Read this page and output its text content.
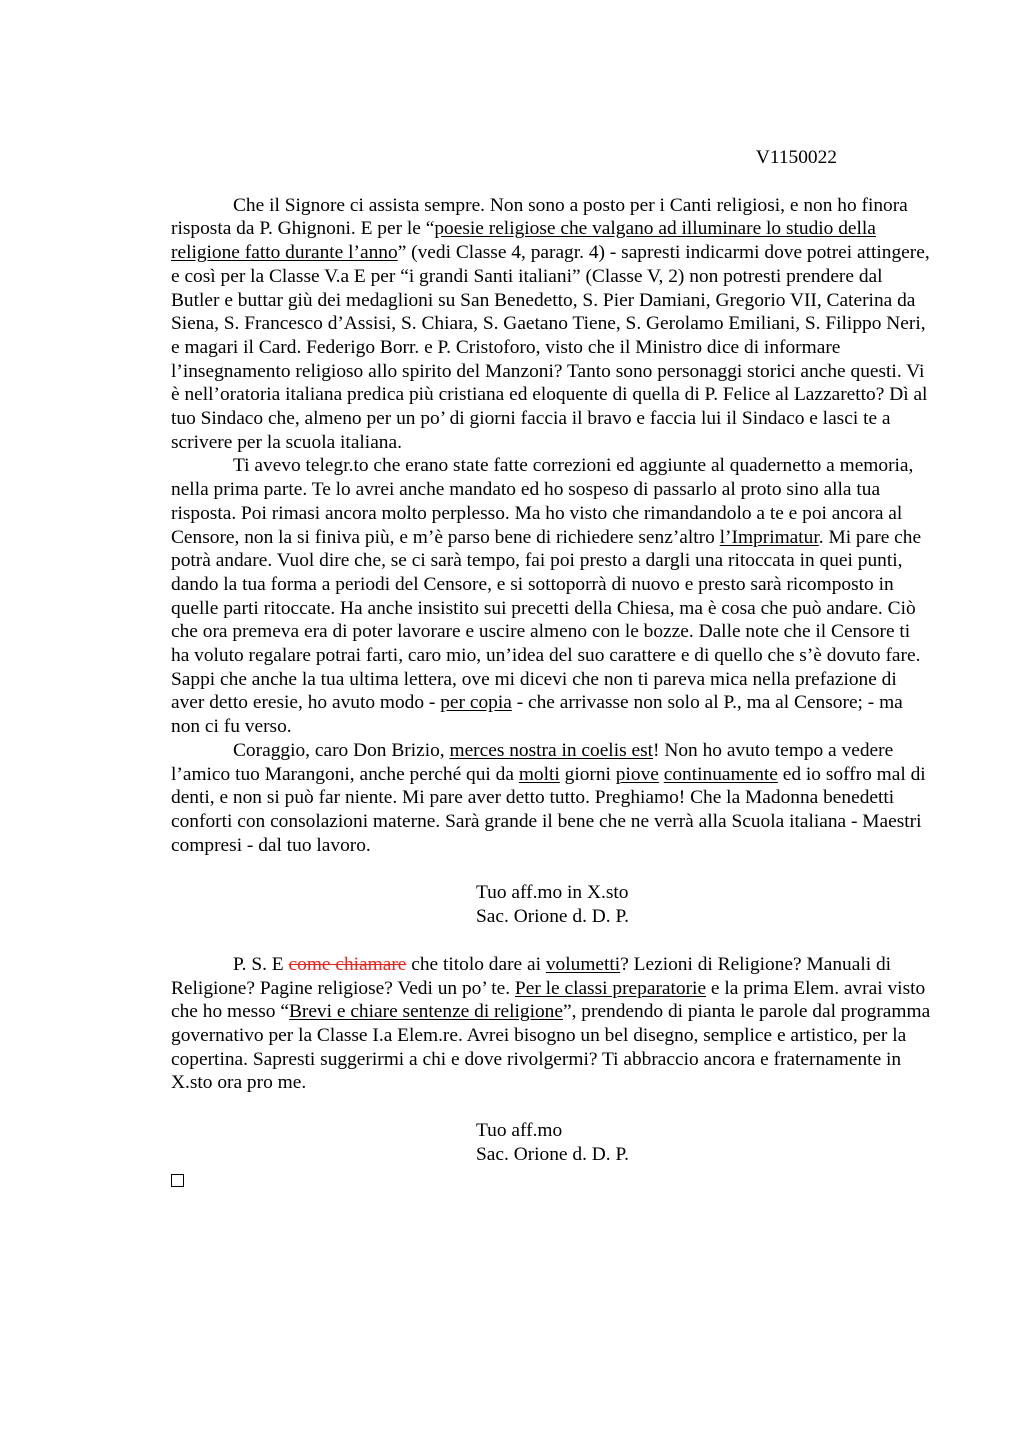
V1150022

Che il Signore ci assista sempre. Non sono a posto per i Canti religiosi, e non ho finora risposta da P. Ghignoni. E per le “poesie religiose che valgano ad illuminare lo studio della religione fatto durante l’anno” (vedi Classe 4, paragr. 4) - sapresti indicarmi dove potrei attingere, e così per la Classe V.a E per “i grandi Santi italiani” (Classe V, 2) non potresti prendere dal Butler e buttar giù dei medaglioni su San Benedetto, S. Pier Damiani, Gregorio VII, Caterina da Siena, S. Francesco d’Assisi, S. Chiara, S. Gaetano Tiene, S. Gerolamo Emiliani, S. Filippo Neri, e magari il Card. Federigo Borr. e P. Cristoforo, visto che il Ministro dice di informare l’insegnamento religioso allo spirito del Manzoni? Tanto sono personaggi storici anche questi. Vi è nell’oratoria italiana predica più cristiana ed eloquente di quella di P. Felice al Lazzaretto? Dì al tuo Sindaco che, almeno per un po’ di giorni faccia il bravo e faccia lui il Sindaco e lasci te a scrivere per la scuola italiana.

Ti avevo telegr.to che erano state fatte correzioni ed aggiunte al quadernetto a memoria, nella prima parte. Te lo avrei anche mandato ed ho sospeso di passarlo al proto sino alla tua risposta. Poi rimasi ancora molto perplesso. Ma ho visto che rimandandolo a te e poi ancora al Censore, non la si finiva più, e m’è parso bene di richiedere senz’altro l’Imprimatur. Mi pare che potrà andare. Vuol dire che, se ci sarà tempo, fai poi presto a dargli una ritoccata in quei punti, dando la tua forma a periodi del Censore, e si sottoporrà di nuovo e presto sarà ricomposto in quelle parti ritoccate. Ha anche insistito sui precetti della Chiesa, ma è cosa che può andare. Ciò che ora premeva era di poter lavorare e uscire almeno con le bozze. Dalle note che il Censore ti ha voluto regalare potrai farti, caro mio, un’idea del suo carattere e di quello che s’è dovuto fare. Sappi che anche la tua ultima lettera, ove mi dicevi che non ti pareva mica nella prefazione di aver detto eresie, ho avuto modo - per copia - che arrivasse non solo al P., ma al Censore; - ma non ci fu verso.

Coraggio, caro Don Brizio, merces nostra in coelis est! Non ho avuto tempo a vedere l’amico tuo Marangoni, anche perché qui da molti giorni piove continuamente ed io soffro mal di denti, e non si può far niente. Mi pare aver detto tutto. Preghiamo! Che la Madonna benedetti conforti con consolazioni materne. Sarà grande il bene che ne verrà alla Scuola italiana - Maestri compresi - dal tuo lavoro.

Tuo aff.mo in X.sto
Sac. Orione d. D. P.

P. S. E come chiamare che titolo dare ai volumetti? Lezioni di Religione? Manuali di Religione? Pagine religiose? Vedi un po’ te. Per le classi preparatorie e la prima Elem. avrai visto che ho messo “Brevi e chiare sentenze di religione”, prendendo di pianta le parole dal programma governativo per la Classe I.a Elem.re. Avrei bisogno un bel disegno, semplice e artistico, per la copertina. Sapresti suggerirmi a chi e dove rivolgermi? Ti abbraccio ancora e fraternamente in X.sto ora pro me.

Tuo aff.mo
Sac. Orione d. D. P.
